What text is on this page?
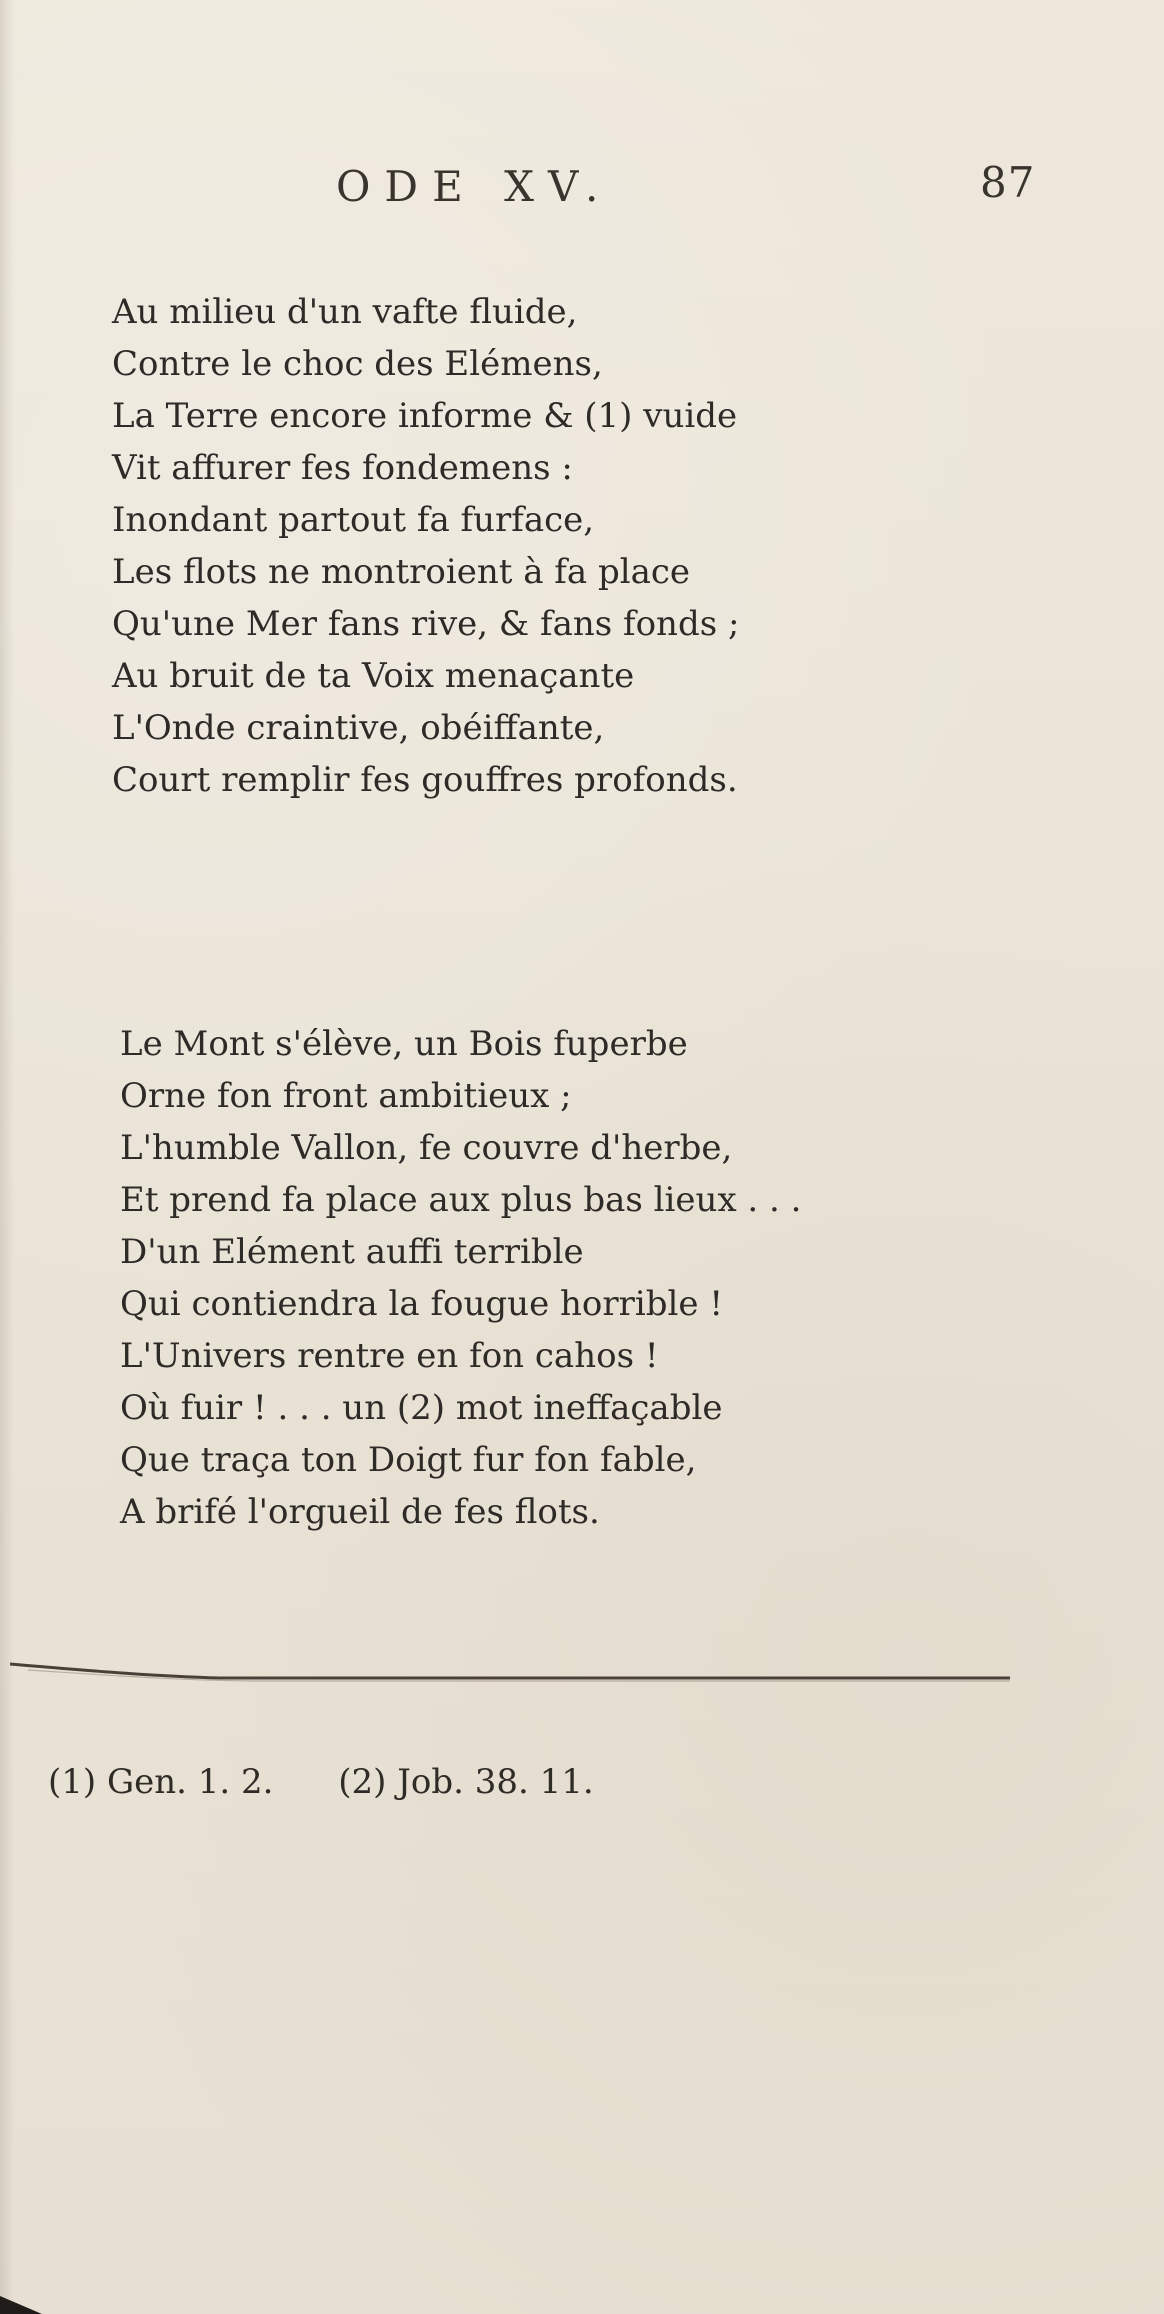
ODE XV.	87
Au milieu d'un vafte fluide,
Contre le choc des Elémens,
La Terre encore informe & (1) vuide
Vit affurer fes fondemens :
Inondant partout fa furface,
Les flots ne montroient à fa place
Qu'une Mer fans rive, & fans fonds ;
Au bruit de ta Voix menaçante
L'Onde craintive, obéiffante,
Court remplir fes gouffres profonds.
Le Mont s'élève, un Bois fuperbe
Orne fon front ambitieux ;
L'humble Vallon, fe couvre d'herbe,
Et prend fa place aux plus bas lieux . . .
D'un Elément auffi terrible
Qui contiendra la fougue horrible !
L'Univers rentre en fon cahos !
Où fuir ! . . . un (2) mot ineffaçable
Que traça ton Doigt fur fon fable,
A brifé l'orgueil de fes flots.
(1) Gen. 1. 2. (2) Job. 38. 11.
